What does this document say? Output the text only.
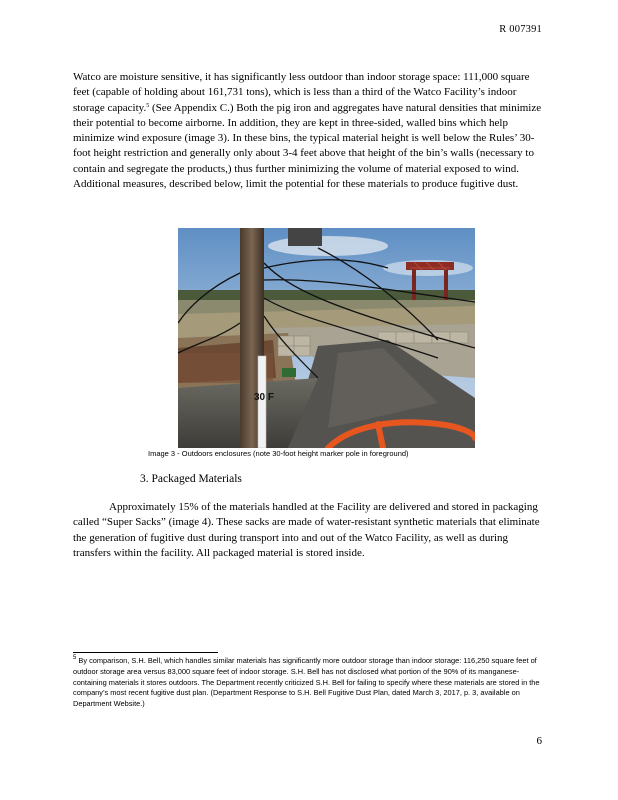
R 007391

Watco are moisture sensitive, it has significantly less outdoor than indoor storage space: 111,000 square feet (capable of holding about 161,731 tons), which is less than a third of the Watco Facility’s indoor storage capacity.$^5$ (See Appendix C.) Both the pig iron and aggregates have natural densities that minimize their potential to become airborne. In addition, they are kept in three-sided, walled bins which help minimize wind exposure (image 3). In these bins, the typical material height is well below the Rules’ 30-foot height restriction and generally only about 3-4 feet above that height of the bin’s walls (necessary to contain and segregate the products,) thus further minimizing the volume of material exposed to wind. Additional measures, described below, limit the potential for these materials to produce fugitive dust.

30 F
Image 3 - Outdoors enclosures (note 30-foot height marker pole in foreground)
3. Packaged Materials

Approximately 15% of the materials handled at the Facility are delivered and stored in packaging called “Super Sacks” (image 4). These sacks are made of water-resistant synthetic materials that eliminate the generation of fugitive dust during transport into and out of the Watco Facility, as well as during transfers within the facility. All packaged material is stored inside.

$^5$ By comparison, S.H. Bell, which handles similar materials has significantly more outdoor storage than indoor storage: 116,250 square feet of outdoor storage area versus 83,000 square feet of indoor storage. S.H. Bell has not disclosed what portion of the 90% of its manganese-containing materials it stores outdoors. The Department recently criticized S.H. Bell for failing to specify where these materials are stored in the company’s most recent fugitive dust plan. (Department Response to S.H. Bell Fugitive Dust Plan, dated March 3, 2017, p. 3, available on Department Website.)

6
